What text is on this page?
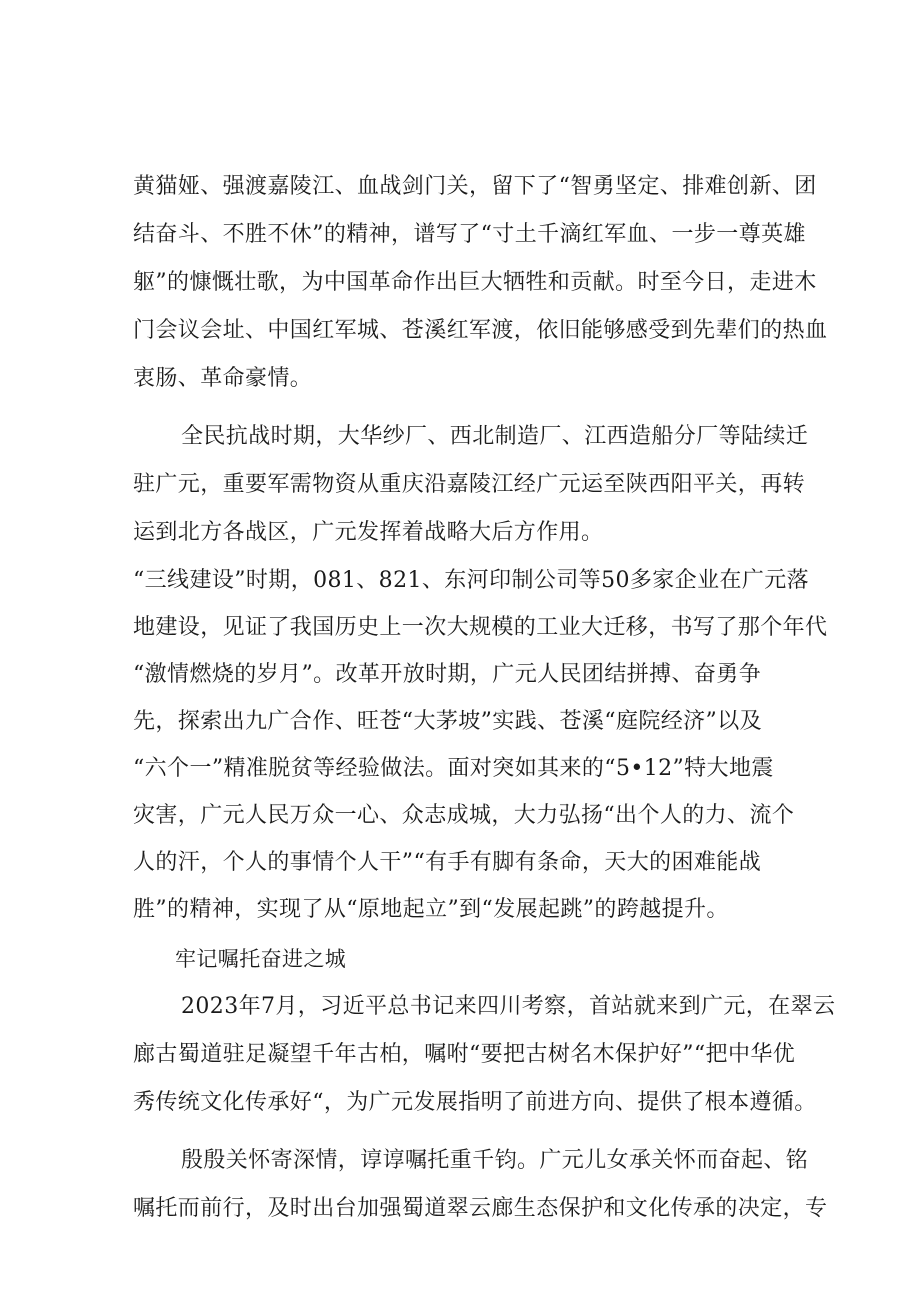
黄猫娅、强渡嘉陵江、血战剑门关，留下了“智勇坚定、排难创新、团
结奋斗、不胜不休”的精神，谱写了“寸土千滴红军血、一步一尊英雄
躯”的慷慨壮歌，为中国革命作出巨大牺牲和贡献。时至今日，走进木
门会议会址、中国红军城、苍溪红军渡，依旧能够感受到先辈们的热血
衷肠、革命豪情。
全民抗战时期，大华纱厂、西北制造厂、江西造船分厂等陆续迁
驻广元，重要军需物资从重庆沿嘉陵江经广元运至陕西阳平关，再转
运到北方各战区，广元发挥着战略大后方作用。
“三线建设”时期，081、821、东河印制公司等50多家企业在广元落
地建设，见证了我国历史上一次大规模的工业大迁移，书写了那个年代
“激情燃烧的岁月”。改革开放时期，广元人民团结拼搏、奋勇争
先，探索出九广合作、旺苍“大茅坡”实践、苍溪“庭院经济”以及
“六个一”精准脱贫等经验做法。面对突如其来的“5•12”特大地震
灾害，广元人民万众一心、众志成城，大力弘扬“出个人的力、流个
人的汗，个人的事情个人干”“有手有脚有条命，天大的困难能战
胜”的精神，实现了从“原地起立”到“发展起跳”的跨越提升。
牢记嘱托奋进之城
2023年7月，习近平总书记来四川考察，首站就来到广元，在翠云
廊古蜀道驻足凝望千年古柏，嘱咐“要把古树名木保护好”“把中华优
秀传统文化传承好“，为广元发展指明了前进方向、提供了根本遵循。
殷殷关怀寄深情，谆谆嘱托重千钧。广元儿女承关怀而奋起、铭
嘱托而前行，及时出台加强蜀道翠云廊生态保护和文化传承的决定，专
